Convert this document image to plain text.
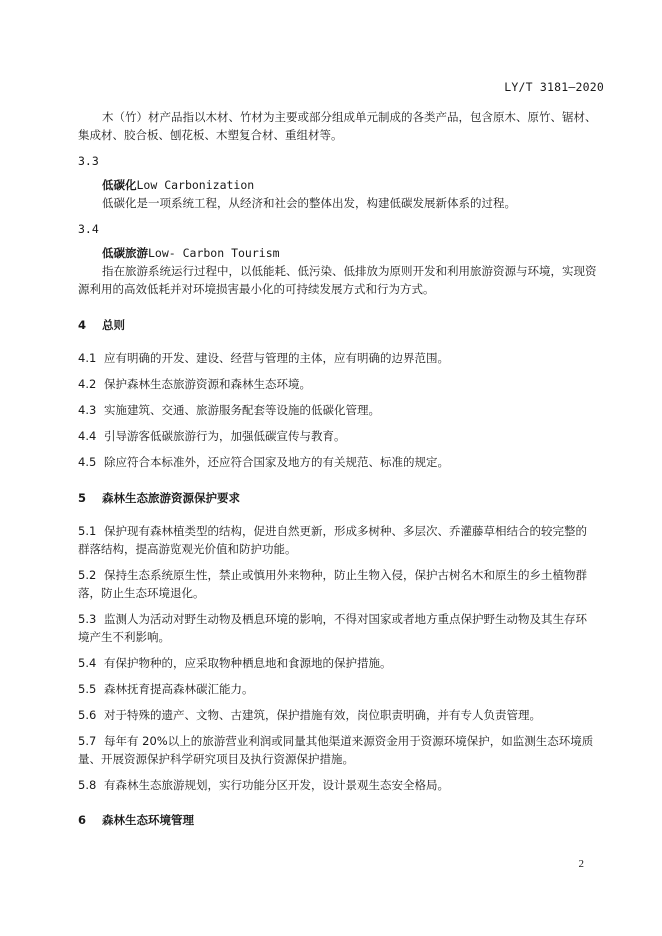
LY/T 3181—2020
木（竹）材产品指以木材、竹材为主要或部分组成单元制成的各类产品，包含原木、原竹、锯材、
集成材、胶合板、刨花板、木塑复合材、重组材等。
3.3
低碳化Low Carbonization
低碳化是一项系统工程，从经济和社会的整体出发，构建低碳发展新体系的过程。
3.4
低碳旅游Low- Carbon Tourism
指在旅游系统运行过程中，以低能耗、低污染、低排放为原则开发和利用旅游资源与环境，实现资
源利用的高效低耗并对环境损害最小化的可持续发展方式和行为方式。
4 总则
4.1 应有明确的开发、建设、经营与管理的主体，应有明确的边界范围。
4.2 保护森林生态旅游资源和森林生态环境。
4.3 实施建筑、交通、旅游服务配套等设施的低碳化管理。
4.4 引导游客低碳旅游行为，加强低碳宣传与教育。
4.5 除应符合本标准外，还应符合国家及地方的有关规范、标准的规定。
5 森林生态旅游资源保护要求
5.1 保护现有森林植类型的结构，促进自然更新，形成多树种、多层次、乔灌藤草相结合的较完整的
群落结构，提高游览观光价值和防护功能。
5.2 保持生态系统原生性，禁止或慎用外来物种，防止生物入侵，保护古树名木和原生的乡土植物群
落，防止生态环境退化。
5.3 监测人为活动对野生动物及栖息环境的影响，不得对国家或者地方重点保护野生动物及其生存环
境产生不利影响。
5.4 有保护物种的，应采取物种栖息地和食源地的保护措施。
5.5 森林抚育提高森林碳汇能力。
5.6 对于特殊的遗产、文物、古建筑，保护措施有效，岗位职责明确，并有专人负责管理。
5.7 每年有 20%以上的旅游营业利润或同量其他渠道来源资金用于资源环境保护，如监测生态环境质
量、开展资源保护科学研究项目及执行资源保护措施。
5.8 有森林生态旅游规划，实行功能分区开发，设计景观生态安全格局。
6 森林生态环境管理
2
